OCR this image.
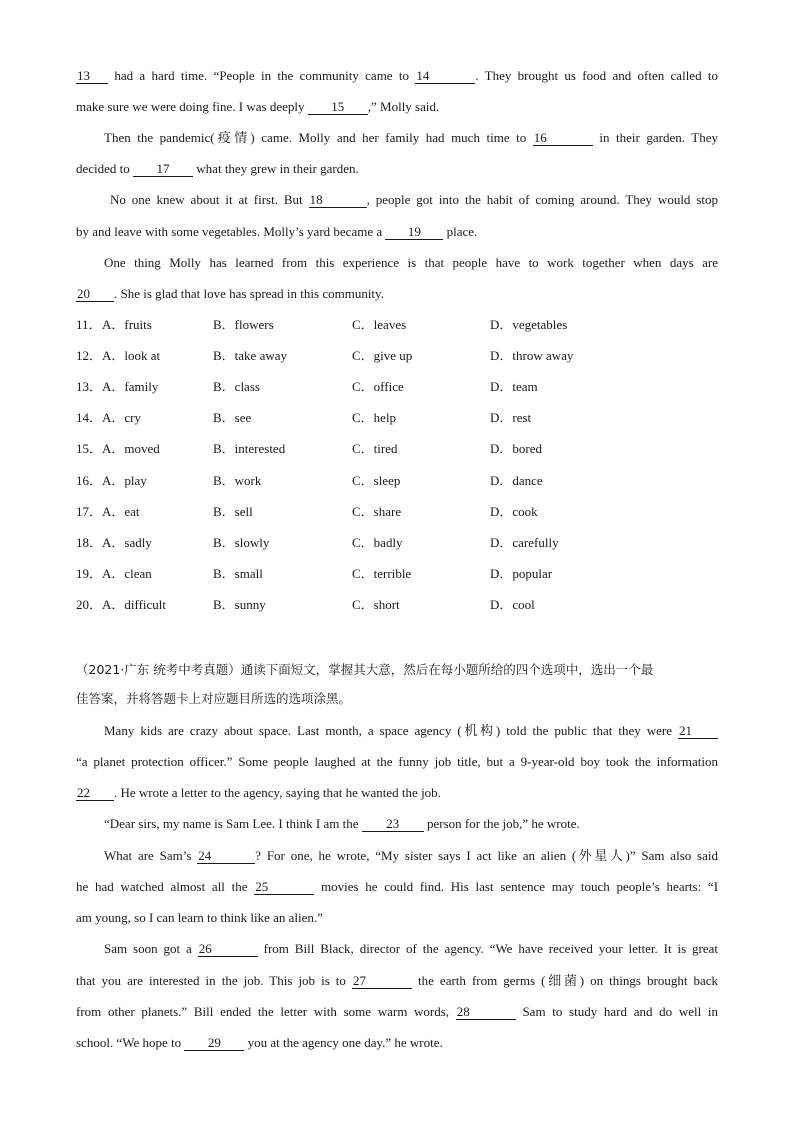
13 had a hard time. “People in the community came to 14	. They brought us food and often called to
make sure we were doing fine. I was deeply 15 ,” Molly said.
Then the pandemic(疫情) came. Molly and her family had much time to 16	in their garden. They
decided to 17 what they grew in their garden.
No one knew about it at first. But 18	, people got into the habit of coming around. They would stop
by and leave with some vegetables. Molly’s yard became a 19 place.
One thing Molly has learned from this experience is that people have to work together when days are
20 . She is glad that love has spread in this community.
11． A．fruits	B．flowers	C．leaves	D．vegetables
12． A．look at	B．take away	C．give up	D．throw away
13． A．family	B．class	C．office	D．team
14． A．cry	B．see	C．help	D．rest
15． A．moved	B．interested	C．tired	D．bored
16． A．play	B．work	C．sleep	D．dance
17． A．eat	B．sell	C．share	D．cook
18． A．sadly	B．slowly	C．badly	D．carefully
19． A．clean	B．small	C．terrible	D．popular
20． A．difficult	B．sunny	C．short	D．cool
（2021·广东 统考中考真题）通读下面短文，掌握其大意，然后在每小题所给的四个选项中，选出一个最
佳答案，并将答题卡上对应题目所选的选项涂黑。
Many kids are crazy about space. Last month, a space agency (机构) told the public that they were 21
“a planet protection officer.” Some people laughed at the funny job title, but a 9-year-old boy took the information
22 . He wrote a letter to the agency, saying that he wanted the job.
“Dear sirs, my name is Sam Lee. I think I am the 23 person for the job,” he wrote.
What are Sam’s 24	? For one, he wrote, “My sister says I act like an alien (外星人)” Sam also said
he had watched almost all the 25	movies he could find. His last sentence may touch people’s hearts: “I
am young, so I can learn to think like an alien.”
Sam soon got a 26	from Bill Black, director of the agency. “We have received your letter. It is great
that you are interested in the job. This job is to 27	the earth from germs (细菌) on things brought back
from other planets.” Bill ended the letter with some warm words, 28	Sam to study hard and do well in
school. “We hope to 29 you at the agency one day.” he wrote.
